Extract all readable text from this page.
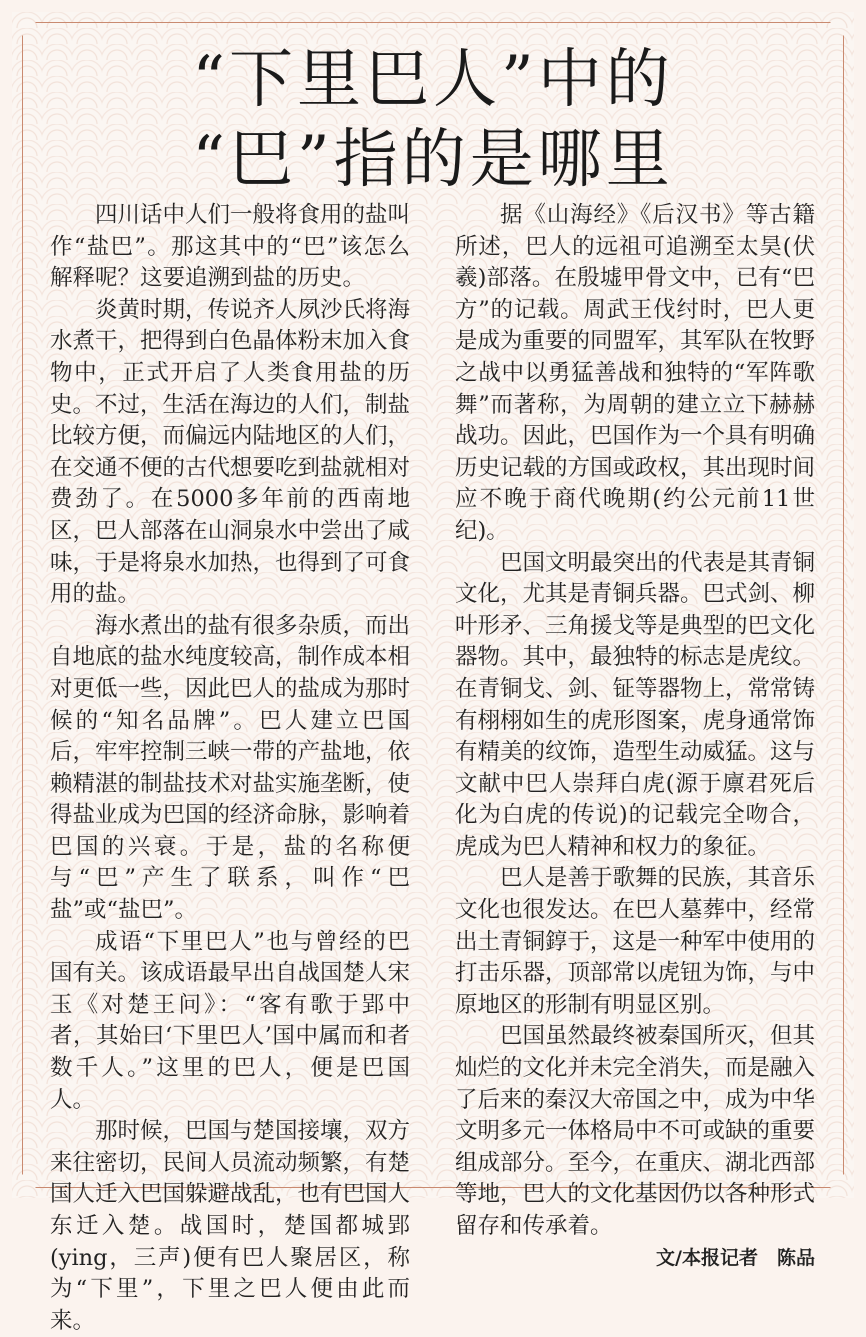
“下里巴人”中的
“巴”指的是哪里

四川话中人们一般将食用的盐叫作“盐巴”。那这其中的“巴”该怎么解释呢？这要追溯到盐的历史。

炎黄时期，传说齐人夙沙氏将海水煮干，把得到白色晶体粉末加入食物中，正式开启了人类食用盐的历史。不过，生活在海边的人们，制盐比较方便，而偏远内陆地区的人们，在交通不便的古代想要吃到盐就相对费劲了。在5000多年前的西南地区，巴人部落在山洞泉水中尝出了咸味，于是将泉水加热，也得到了可食用的盐。

海水煮出的盐有很多杂质，而出自地底的盐水纯度较高，制作成本相对更低一些，因此巴人的盐成为那时候的“知名品牌”。巴人建立巴国后，牢牢控制三峡一带的产盐地，依赖精湛的制盐技术对盐实施垄断，使得盐业成为巴国的经济命脉，影响着巴国的兴衰。于是，盐的名称便与“巴”产生了联系，叫作“巴盐”或“盐巴”。

成语“下里巴人”也与曾经的巴国有关。该成语最早出自战国楚人宋玉《对楚王问》：“客有歌于郢中者，其始曰‘下里巴人’国中属而和者数千人。”这里的巴人，便是巴国人。

那时候，巴国与楚国接壤，双方来往密切，民间人员流动频繁，有楚国人迁入巴国躲避战乱，也有巴国人东迁入楚。战国时，楚国都城郢(ying，三声)便有巴人聚居区，称为“下里”，下里之巴人便由此而来。

据《山海经》《后汉书》等古籍所述，巴人的远祖可追溯至太昊(伏羲)部落。在殷墟甲骨文中，已有“巴方”的记载。周武王伐纣时，巴人更是成为重要的同盟军，其军队在牧野之战中以勇猛善战和独特的“军阵歌舞”而著称，为周朝的建立立下赫赫战功。因此，巴国作为一个具有明确历史记载的方国或政权，其出现时间应不晚于商代晚期(约公元前11世纪)。

巴国文明最突出的代表是其青铜文化，尤其是青铜兵器。巴式剑、柳叶形矛、三角援戈等是典型的巴文化器物。其中，最独特的标志是虎纹。在青铜戈、剑、钲等器物上，常常铸有栩栩如生的虎形图案，虎身通常饰有精美的纹饰，造型生动威猛。这与文献中巴人崇拜白虎(源于廪君死后化为白虎的传说)的记载完全吻合，虎成为巴人精神和权力的象征。

巴人是善于歌舞的民族，其音乐文化也很发达。在巴人墓葬中，经常出土青铜錞于，这是一种军中使用的打击乐器，顶部常以虎钮为饰，与中原地区的形制有明显区别。

巴国虽然最终被秦国所灭，但其灿烂的文化并未完全消失，而是融入了后来的秦汉大帝国之中，成为中华文明多元一体格局中不可或缺的重要组成部分。至今，在重庆、湖北西部等地，巴人的文化基因仍以各种形式留存和传承着。
文/本报记者　陈品
